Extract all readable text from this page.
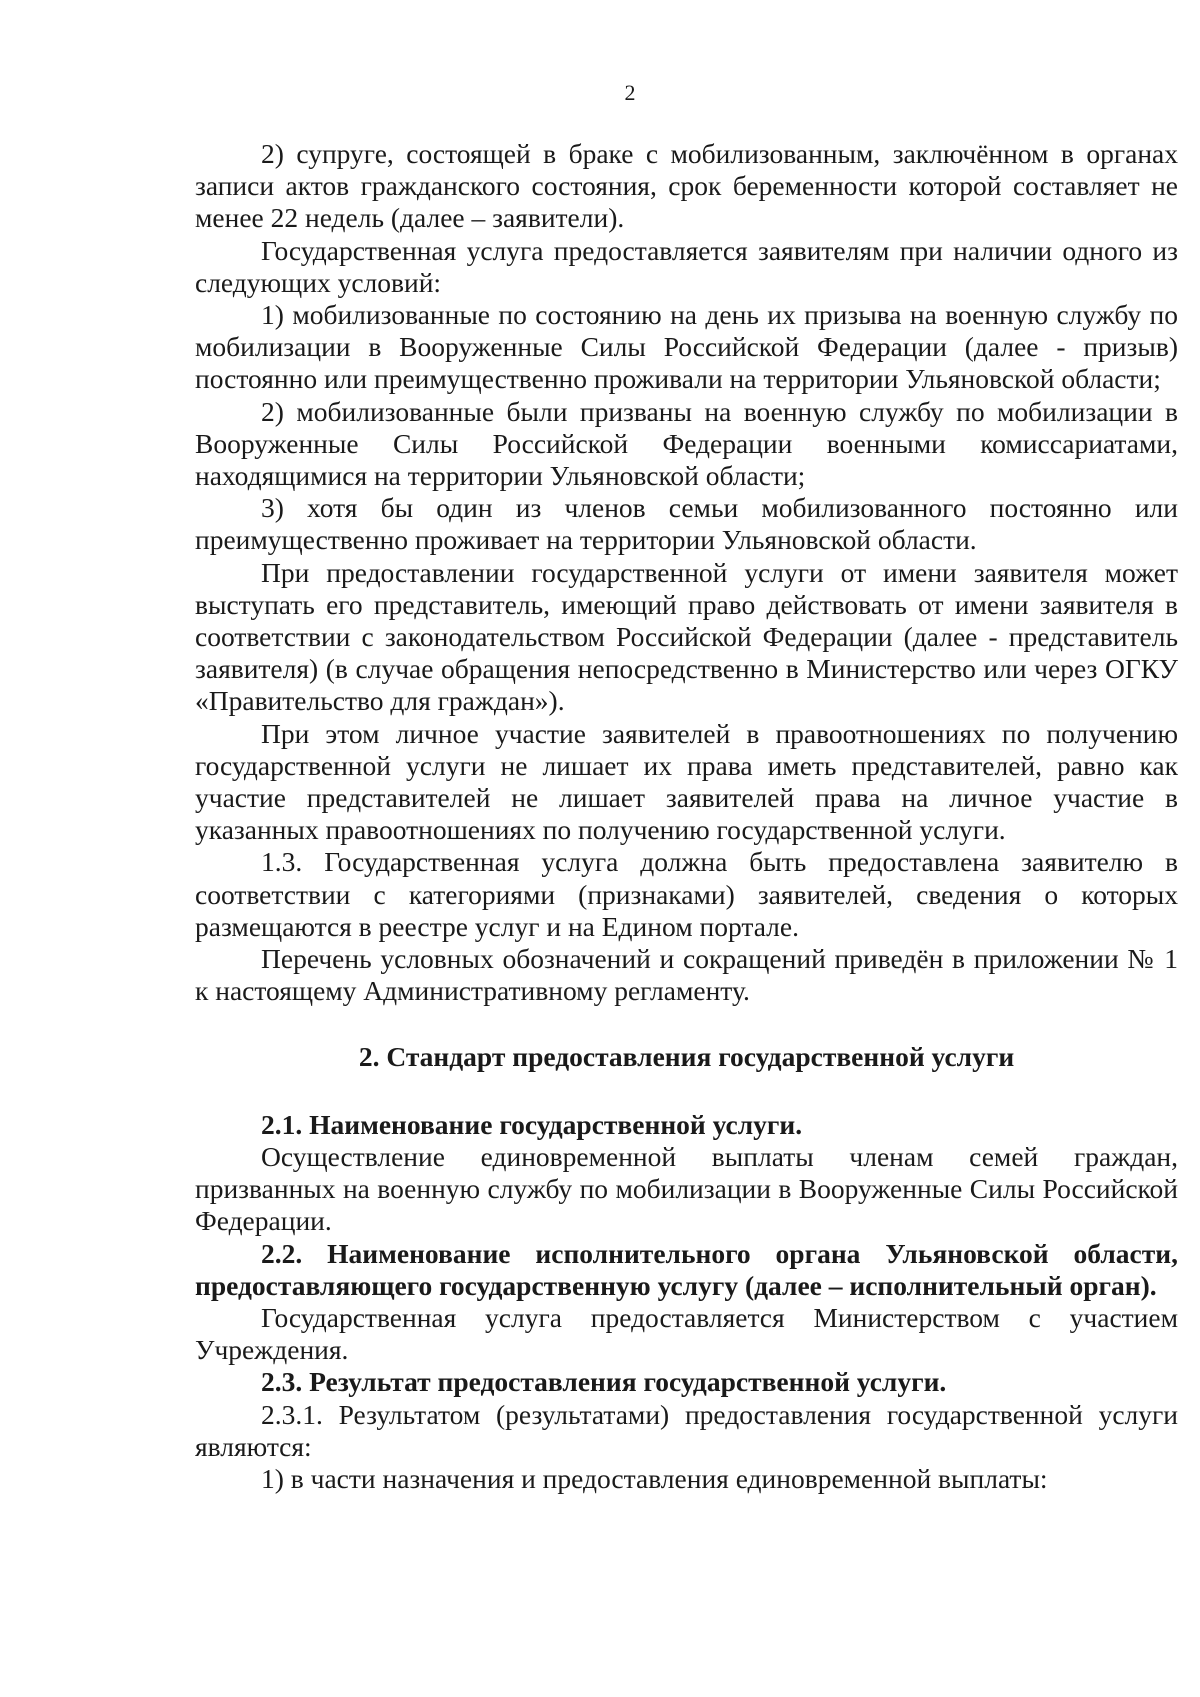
2

2) супруге, состоящей в браке с мобилизованным, заключённом в органах записи актов гражданского состояния, срок беременности которой составляет не менее 22 недель (далее – заявители).

Государственная услуга предоставляется заявителям при наличии одного из следующих условий:

1) мобилизованные по состоянию на день их призыва на военную службу по мобилизации в Вооруженные Силы Российской Федерации (далее - призыв) постоянно или преимущественно проживали на территории Ульяновской области;

2) мобилизованные были призваны на военную службу по мобилизации в Вооруженные Силы Российской Федерации военными комиссариатами, находящимися на территории Ульяновской области;

3) хотя бы один из членов семьи мобилизованного постоянно или преимущественно проживает на территории Ульяновской области.

При предоставлении государственной услуги от имени заявителя может выступать его представитель, имеющий право действовать от имени заявителя в соответствии с законодательством Российской Федерации (далее - представитель заявителя) (в случае обращения непосредственно в Министерство или через ОГКУ «Правительство для граждан»).

При этом личное участие заявителей в правоотношениях по получению государственной услуги не лишает их права иметь представителей, равно как участие представителей не лишает заявителей права на личное участие в указанных правоотношениях по получению государственной услуги.

1.3. Государственная услуга должна быть предоставлена заявителю в соответствии с категориями (признаками) заявителей, сведения о которых размещаются в реестре услуг и на Едином портале.

Перечень условных обозначений и сокращений приведён в приложении № 1 к настоящему Административному регламенту.

2. Стандарт предоставления государственной услуги

2.1. Наименование государственной услуги.

Осуществление единовременной выплаты членам семей граждан, призванных на военную службу по мобилизации в Вооруженные Силы Российской Федерации.

2.2. Наименование исполнительного органа Ульяновской области, предоставляющего государственную услугу (далее – исполнительный орган).

Государственная услуга предоставляется Министерством с участием Учреждения.

2.3. Результат предоставления государственной услуги.

2.3.1. Результатом (результатами) предоставления государственной услуги являются:

1) в части назначения и предоставления единовременной выплаты:
